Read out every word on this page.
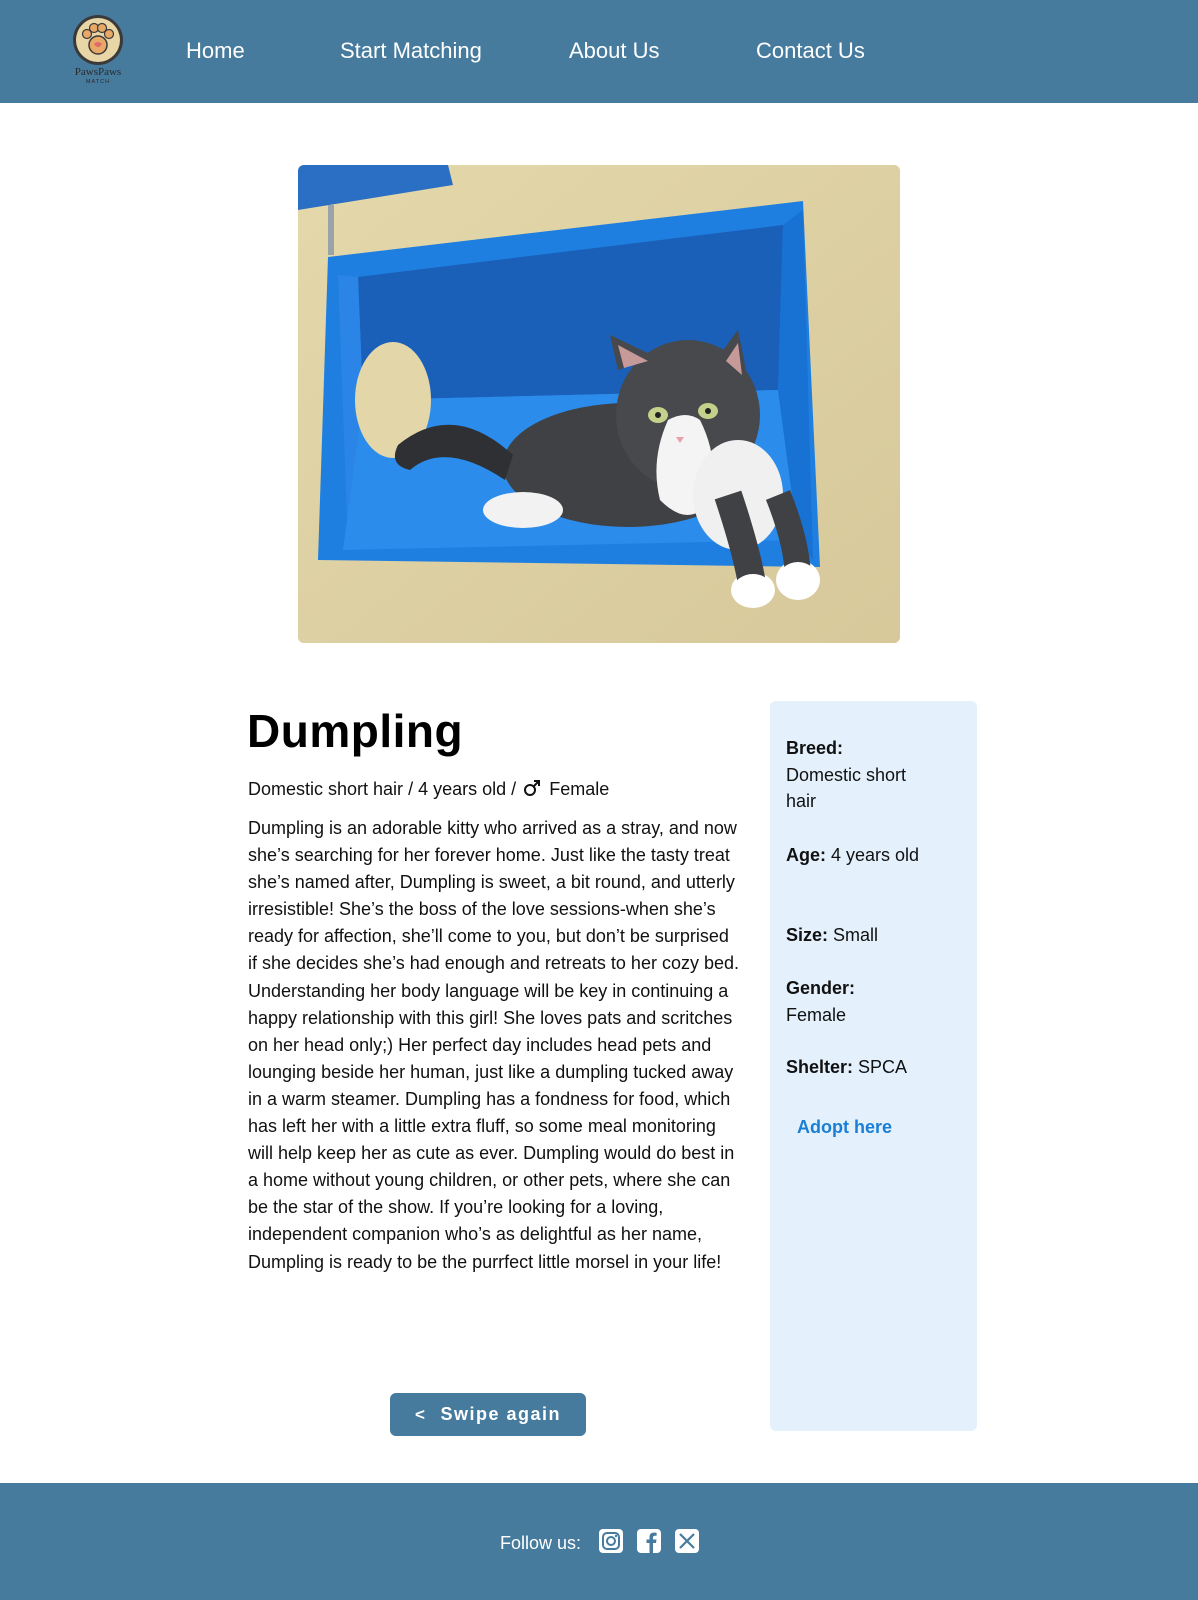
PawsPaws
MATCH
Home	Start Matching	About Us	Contact Us
Dumpling
Domestic short hair / 4 years old / Female

Dumpling is an adorable kitty who arrived as a stray, and now she’s searching for her forever home. Just like the tasty treat she’s named after, Dumpling is sweet, a bit round, and utterly irresistible! She’s the boss of the love sessions-when she’s ready for affection, she’ll come to you, but don’t be surprised if she decides she’s had enough and retreats to her cozy bed. Understanding her body language will be key in continuing a happy relationship with this girl! She loves pats and scritches on her head only;) Her perfect day includes head pets and lounging beside her human, just like a dumpling tucked away in a warm steamer. Dumpling has a fondness for food, which has left her with a little extra fluff, so some meal monitoring will help keep her as cute as ever. Dumpling would do best in a home without young children, or other pets, where she can be the star of the show. If you’re looking for a loving, independent companion who’s as delightful as her name, Dumpling is ready to be the purrfect little morsel in your life!

< Swipe again
Breed:
Domestic short hair
Age: 4 years old
Size: Small
Gender:
Female
Shelter: SPCA
Adopt here
Follow us:
